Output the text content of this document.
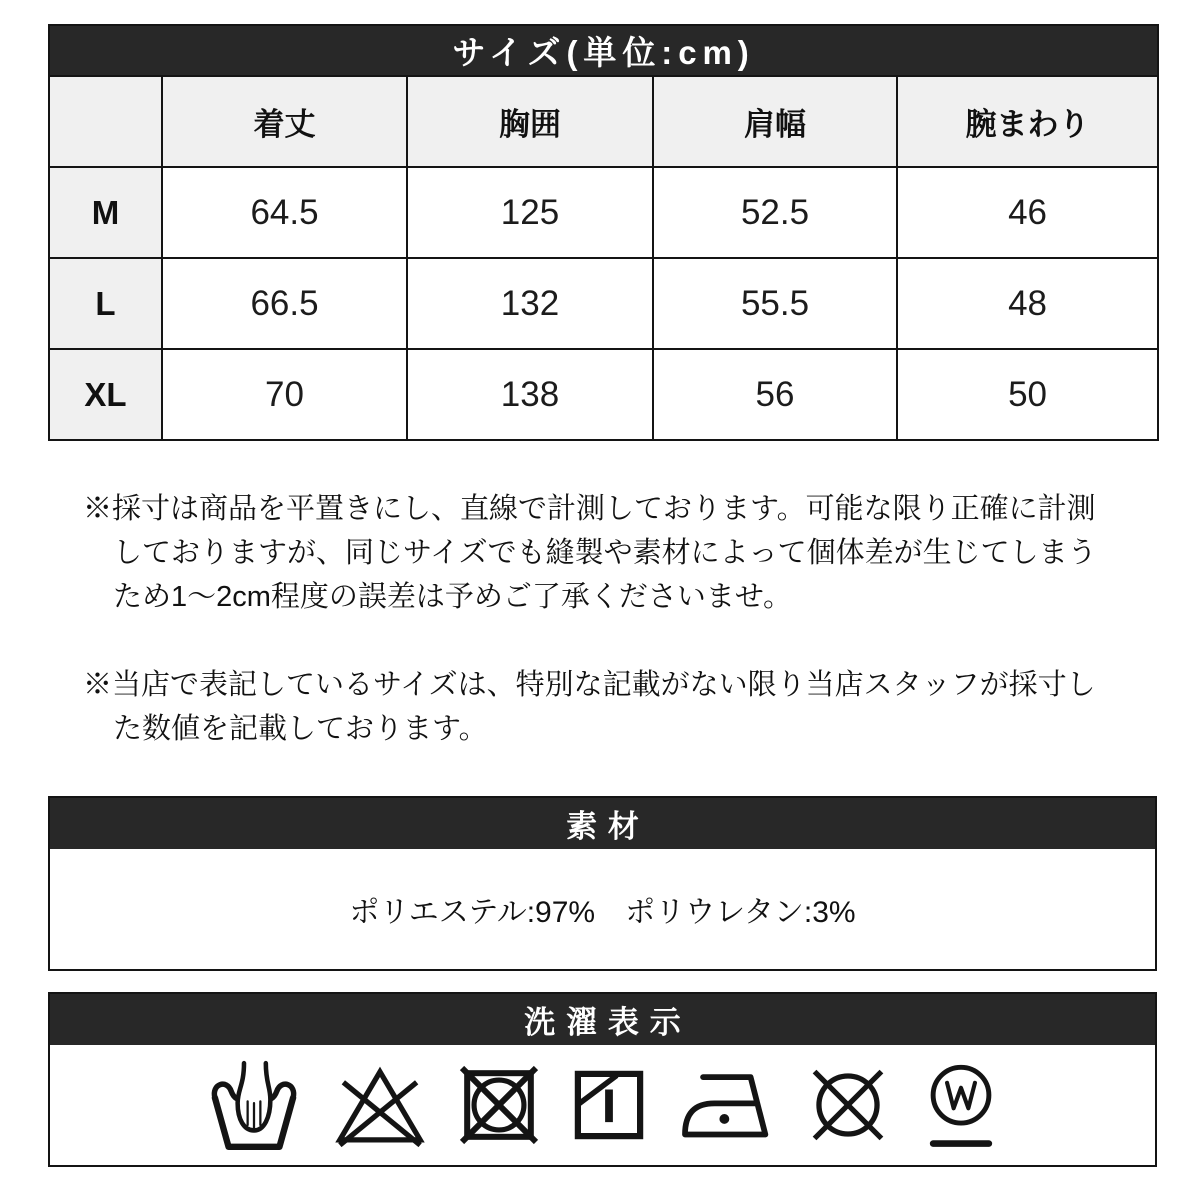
サイズ(単位:cm)				
	着丈	胸囲	肩幅	腕まわり
M	64.5	125	52.5	46
L	66.5	132	55.5	48
XL	70	138	56	50

※採寸は商品を平置きにし、直線で計測しております。可能な限り正確に計測しておりますが、同じサイズでも縫製や素材によって個体差が生じてしまうため1〜2cm程度の誤差は予めご了承くださいませ。

※当店で表記しているサイズは、特別な記載がない限り当店スタッフが採寸した数値を記載しております。

素材
ポリエステル:97%　ポリウレタン:3%
洗濯表示
